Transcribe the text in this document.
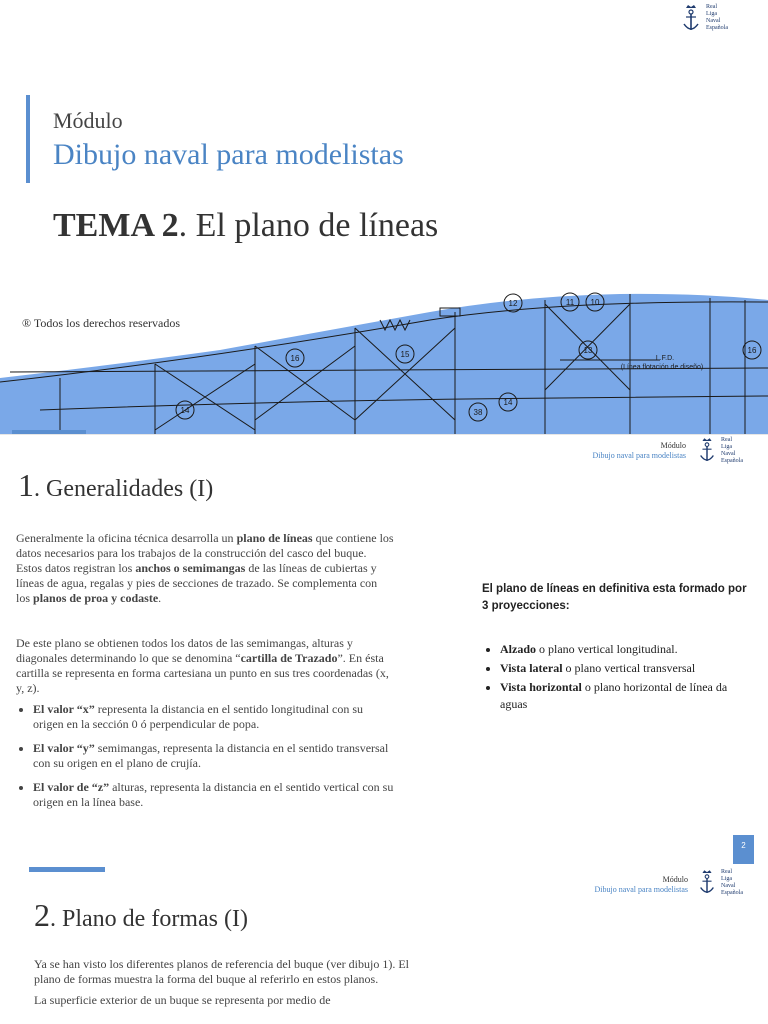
Real
Liga
Naval
Española
Módulo
Dibujo naval para modelistas
TEMA 2. El plano de líneas
12	11 10
16	15	13	16
14	38
14
L.F.D.
(Línea flotación de diseño)
® Todos los derechos reservados
Módulo
Dibujo naval para modelistas
Real
Liga
Naval
Española
1. Generalidades (I)

Generalmente la oficina técnica desarrolla un plano de líneas que contiene los datos necesarios para los trabajos de la construcción del casco del buque. Estos datos registran los anchos o semimangas de las líneas de cubiertas y líneas de agua, regalas y pies de secciones de trazado. Se complementa con los planos de proa y codaste.

De este plano se obtienen todos los datos de las semimangas, alturas y diagonales determinando lo que se denomina “cartilla de Trazado”. En ésta cartilla se representa en forma cartesiana un punto en sus tres coordenadas (x, y, z).

• El valor “x” representa la distancia en el sentido longitudinal con su origen en la sección 0 ó perpendicular de popa.
• El valor “y” semimangas, representa la distancia en el sentido transversal con su origen en el plano de crujía.
• El valor de “z” alturas, representa la distancia en el sentido vertical con su origen en la línea base.

El plano de líneas en definitiva esta formado por 3 proyecciones:

• Alzado o plano vertical longitudinal.
• Vista lateral o plano vertical transversal
• Vista horizontal o plano horizontal de línea da aguas
2
Módulo
Dibujo naval para modelistas
Real
Liga
Naval
Española
2. Plano de formas (I)

Ya se han visto los diferentes planos de referencia del buque (ver dibujo 1). El plano de formas muestra la forma del buque al referirlo en estos planos.

La superficie exterior de un buque se representa por medio de
